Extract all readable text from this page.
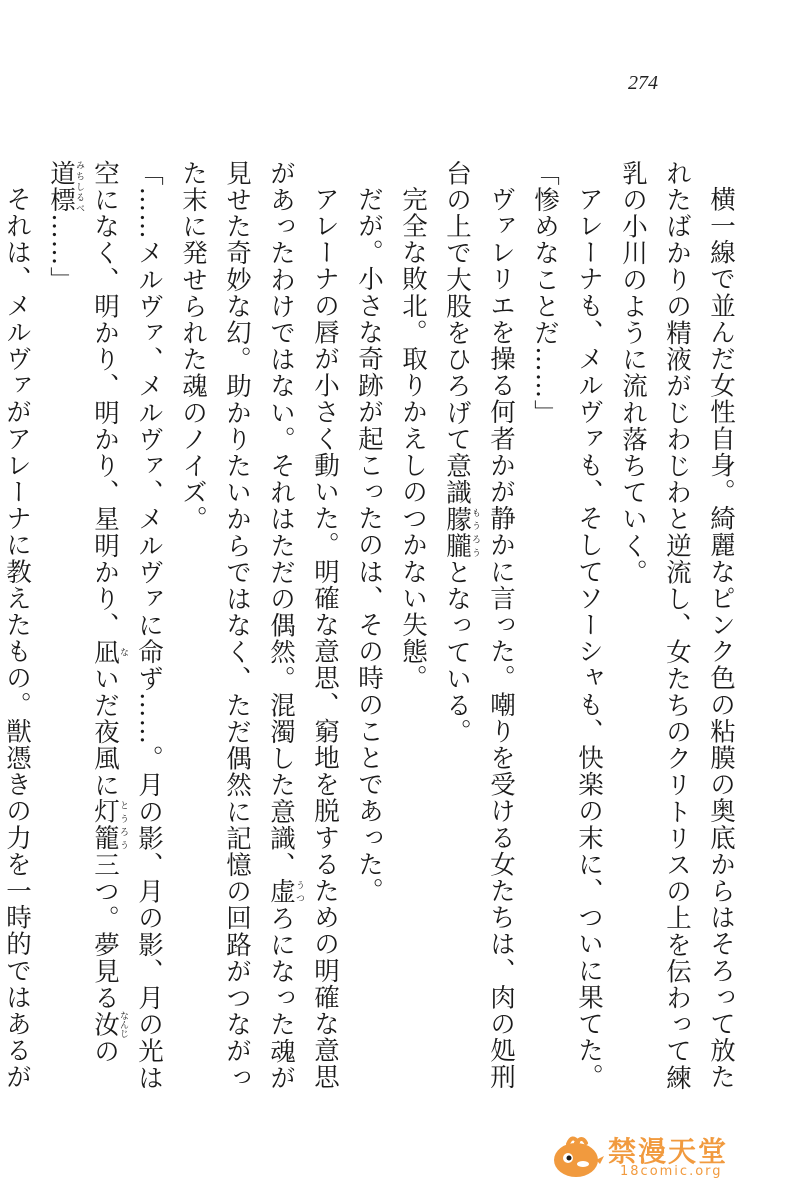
274

横一線で並んだ女性自身。綺麗なピンク色の粘膜の奥底からはそろって放たれたばかりの精液がじわじわと逆流し、女たちのクリトリスの上を伝わって練乳の小川のように流れ落ちていく。

アレーナも、メルヴァも、そしてソーシャも、快楽の末に、ついに果てた。

「惨めなことだ……」

ヴァレリエを操る何者かが静かに言った。嘲りを受ける女たちは、肉の処刑台の上で大股をひろげて意識朦朧もうろうとなっている。

完全な敗北。取りかえしのつかない失態。

だが。小さな奇跡が起こったのは、その時のことであった。

アレーナの唇が小さく動いた。明確な意思、窮地を脱するための明確な意思があったわけではない。それはただの偶然。混濁した意識、虚うつろになった魂が見せた奇妙な幻。助かりたいからではなく、ただ偶然に記憶の回路がつながった末に発せられた魂のノイズ。

「……メルヴァ、メルヴァ、メルヴァに命ず……。月の影、月の影、月の光は空になく、明かり、明かり、星明かり、凪ないだ夜風に灯籠とうろう三つ。夢見る汝なんじの道標みちしるべ……」

それは、メルヴァがアレーナに教えたもの。獣憑きの力を一時的ではあるが

禁漫天堂
18comic.org
